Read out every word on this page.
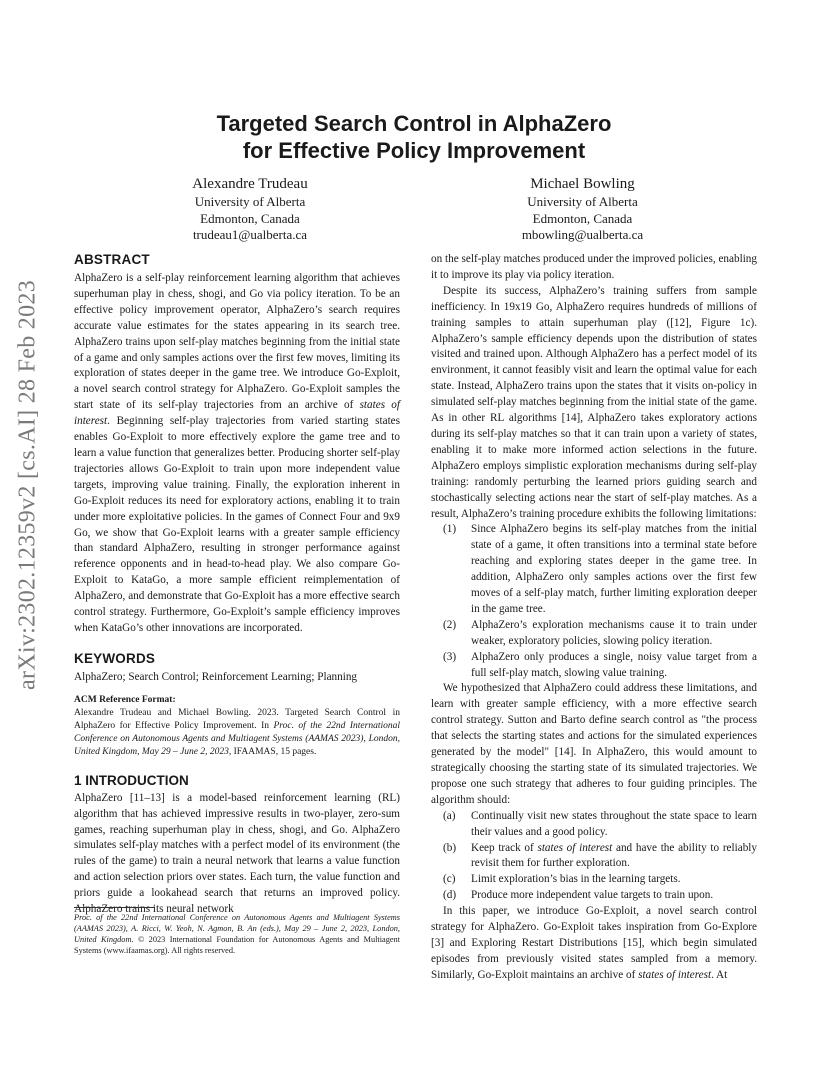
arXiv:2302.12359v2 [cs.AI] 28 Feb 2023
Targeted Search Control in AlphaZero
for Effective Policy Improvement
Alexandre Trudeau
University of Alberta
Edmonton, Canada
trudeau1@ualberta.ca
Michael Bowling
University of Alberta
Edmonton, Canada
mbowling@ualberta.ca
ABSTRACT

AlphaZero is a self-play reinforcement learning algorithm that achieves superhuman play in chess, shogi, and Go via policy iteration. To be an effective policy improvement operator, AlphaZero’s search requires accurate value estimates for the states appearing in its search tree. AlphaZero trains upon self-play matches beginning from the initial state of a game and only samples actions over the first few moves, limiting its exploration of states deeper in the game tree. We introduce Go-Exploit, a novel search control strategy for AlphaZero. Go-Exploit samples the start state of its self-play trajectories from an archive of states of interest. Beginning self-play trajectories from varied starting states enables Go-Exploit to more effectively explore the game tree and to learn a value function that generalizes better. Producing shorter self-play trajectories allows Go-Exploit to train upon more independent value targets, improving value training. Finally, the exploration inherent in Go-Exploit reduces its need for exploratory actions, enabling it to train under more exploitative policies. In the games of Connect Four and 9x9 Go, we show that Go-Exploit learns with a greater sample efficiency than standard AlphaZero, resulting in stronger performance against reference opponents and in head-to-head play. We also compare Go-Exploit to KataGo, a more sample efficient reimplementation of AlphaZero, and demonstrate that Go-Exploit has a more effective search control strategy. Furthermore, Go-Exploit’s sample efficiency improves when KataGo’s other innovations are incorporated.

KEYWORDS

AlphaZero; Search Control; Reinforcement Learning; Planning

ACM Reference Format:

Alexandre Trudeau and Michael Bowling. 2023. Targeted Search Control in AlphaZero for Effective Policy Improvement. In Proc. of the 22nd International Conference on Autonomous Agents and Multiagent Systems (AAMAS 2023), London, United Kingdom, May 29 – June 2, 2023, IFAAMAS, 15 pages.

1 INTRODUCTION

AlphaZero [11–13] is a model-based reinforcement learning (RL) algorithm that has achieved impressive results in two-player, zero-sum games, reaching superhuman play in chess, shogi, and Go. AlphaZero simulates self-play matches with a perfect model of its environment (the rules of the game) to train a neural network that learns a value function and action selection priors over states. Each turn, the value function and priors guide a lookahead search that returns an improved policy. AlphaZero trains its neural network

Proc. of the 22nd International Conference on Autonomous Agents and Multiagent Systems (AAMAS 2023), A. Ricci, W. Yeoh, N. Agmon, B. An (eds.), May 29 – June 2, 2023, London, United Kingdom. © 2023 International Foundation for Autonomous Agents and Multiagent Systems (www.ifaamas.org). All rights reserved.

on the self-play matches produced under the improved policies, enabling it to improve its play via policy iteration.

Despite its success, AlphaZero’s training suffers from sample inefficiency. In 19x19 Go, AlphaZero requires hundreds of millions of training samples to attain superhuman play ([12], Figure 1c). AlphaZero’s sample efficiency depends upon the distribution of states visited and trained upon. Although AlphaZero has a perfect model of its environment, it cannot feasibly visit and learn the optimal value for each state. Instead, AlphaZero trains upon the states that it visits on-policy in simulated self-play matches beginning from the initial state of the game. As in other RL algorithms [14], AlphaZero takes exploratory actions during its self-play matches so that it can train upon a variety of states, enabling it to make more informed action selections in the future. AlphaZero employs simplistic exploration mechanisms during self-play training: randomly perturbing the learned priors guiding search and stochastically selecting actions near the start of self-play matches. As a result, AlphaZero’s training procedure exhibits the following limitations:

(1)	Since AlphaZero begins its self-play matches from the initial state of a game, it often transitions into a terminal state before reaching and exploring states deeper in the game tree. In addition, AlphaZero only samples actions over the first few moves of a self-play match, further limiting exploration deeper in the game tree.
(2)	AlphaZero’s exploration mechanisms cause it to train under weaker, exploratory policies, slowing policy iteration.
(3)	AlphaZero only produces a single, noisy value target from a full self-play match, slowing value training.

We hypothesized that AlphaZero could address these limitations, and learn with greater sample efficiency, with a more effective search control strategy. Sutton and Barto define search control as "the process that selects the starting states and actions for the simulated experiences generated by the model" [14]. In AlphaZero, this would amount to strategically choosing the starting state of its simulated trajectories. We propose one such strategy that adheres to four guiding principles. The algorithm should:

(a)	Continually visit new states throughout the state space to learn their values and a good policy.
(b)	Keep track of states of interest and have the ability to reliably revisit them for further exploration.
(c)	Limit exploration’s bias in the learning targets.
(d)	Produce more independent value targets to train upon.

In this paper, we introduce Go-Exploit, a novel search control strategy for AlphaZero. Go-Exploit takes inspiration from Go-Explore [3] and Exploring Restart Distributions [15], which begin simulated episodes from previously visited states sampled from a memory. Similarly, Go-Exploit maintains an archive of states of interest. At
